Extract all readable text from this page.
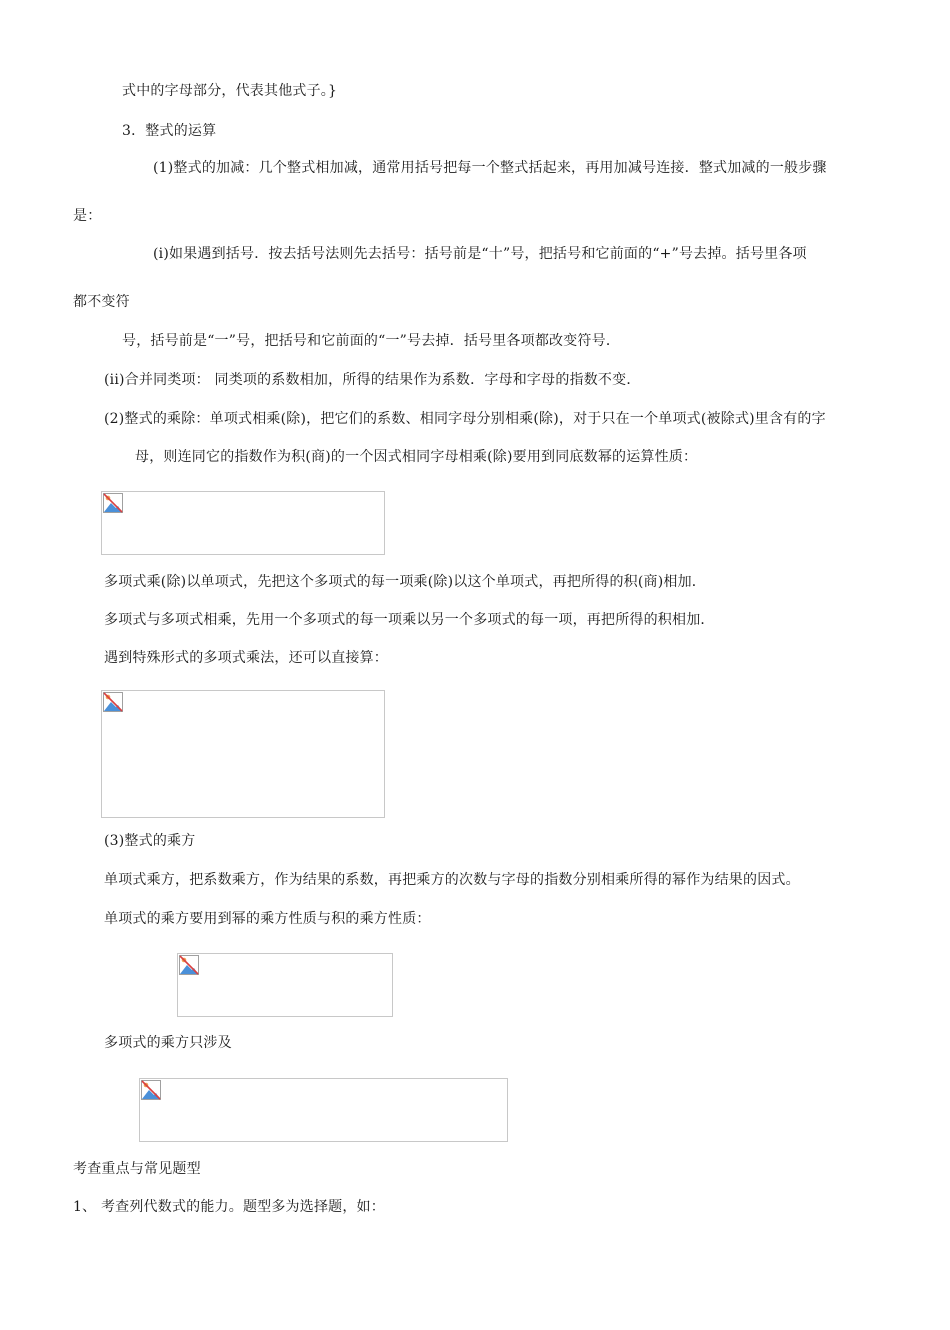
式中的字母部分，代表其他式子。}
3．整式的运算
(1)整式的加减：几个整式相加减，通常用括号把每一个整式括起来，再用加减号连接．整式加减的一般步骤
是：
(i)如果遇到括号．按去括号法则先去括号：括号前是“十”号，把括号和它前面的“+”号去掉。括号里各项
都不变符
号，括号前是“一”号，把括号和它前面的“一”号去掉．括号里各项都改变符号．
(ii)合并同类项： 同类项的系数相加，所得的结果作为系数．字母和字母的指数不变．
(2)整式的乘除：单项式相乘(除)，把它们的系数、相同字母分别相乘(除)，对于只在一个单项式(被除式)里含有的字
母，则连同它的指数作为积(商)的一个因式相同字母相乘(除)要用到同底数幂的运算性质：
多项式乘(除)以单项式，先把这个多项式的每一项乘(除)以这个单项式，再把所得的积(商)相加．
多项式与多项式相乘，先用一个多项式的每一项乘以另一个多项式的每一项，再把所得的积相加．
遇到特殊形式的多项式乘法，还可以直接算：
(3)整式的乘方
单项式乘方，把系数乘方，作为结果的系数，再把乘方的次数与字母的指数分别相乘所得的幂作为结果的因式。
单项式的乘方要用到幂的乘方性质与积的乘方性质：
多项式的乘方只涉及
考查重点与常见题型
1、 考查列代数式的能力。题型多为选择题，如：
